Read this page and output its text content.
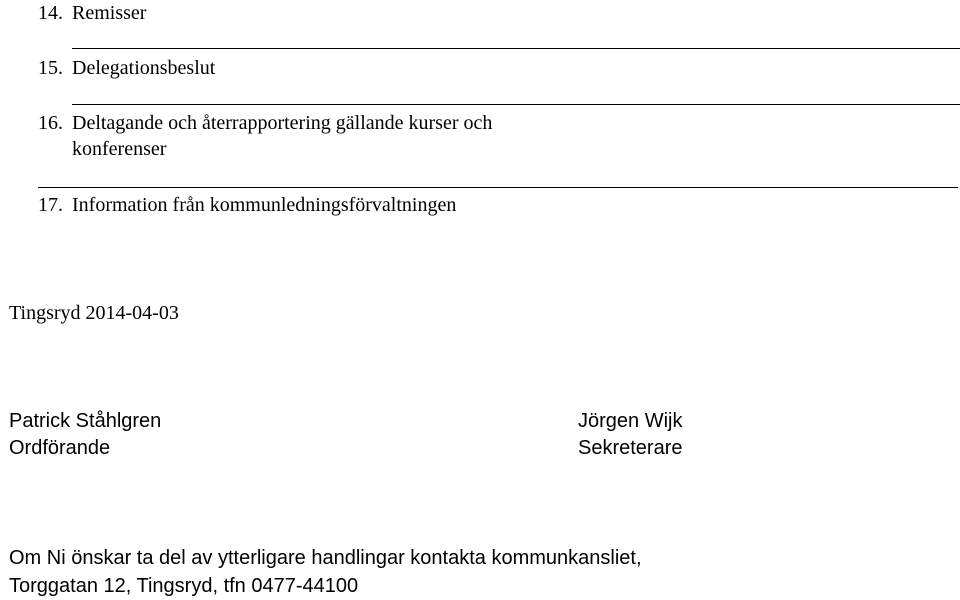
14. Remisser
15. Delegationsbeslut
16. Deltagande och återrapportering gällande kurser och
konferenser
17. Information från kommunledningsförvaltningen
Tingsryd 2014-04-03
Patrick Ståhlgren
Ordförande
Jörgen Wijk
Sekreterare
Om Ni önskar ta del av ytterligare handlingar kontakta kommunkansliet,
Torggatan 12, Tingsryd, tfn 0477-44100
